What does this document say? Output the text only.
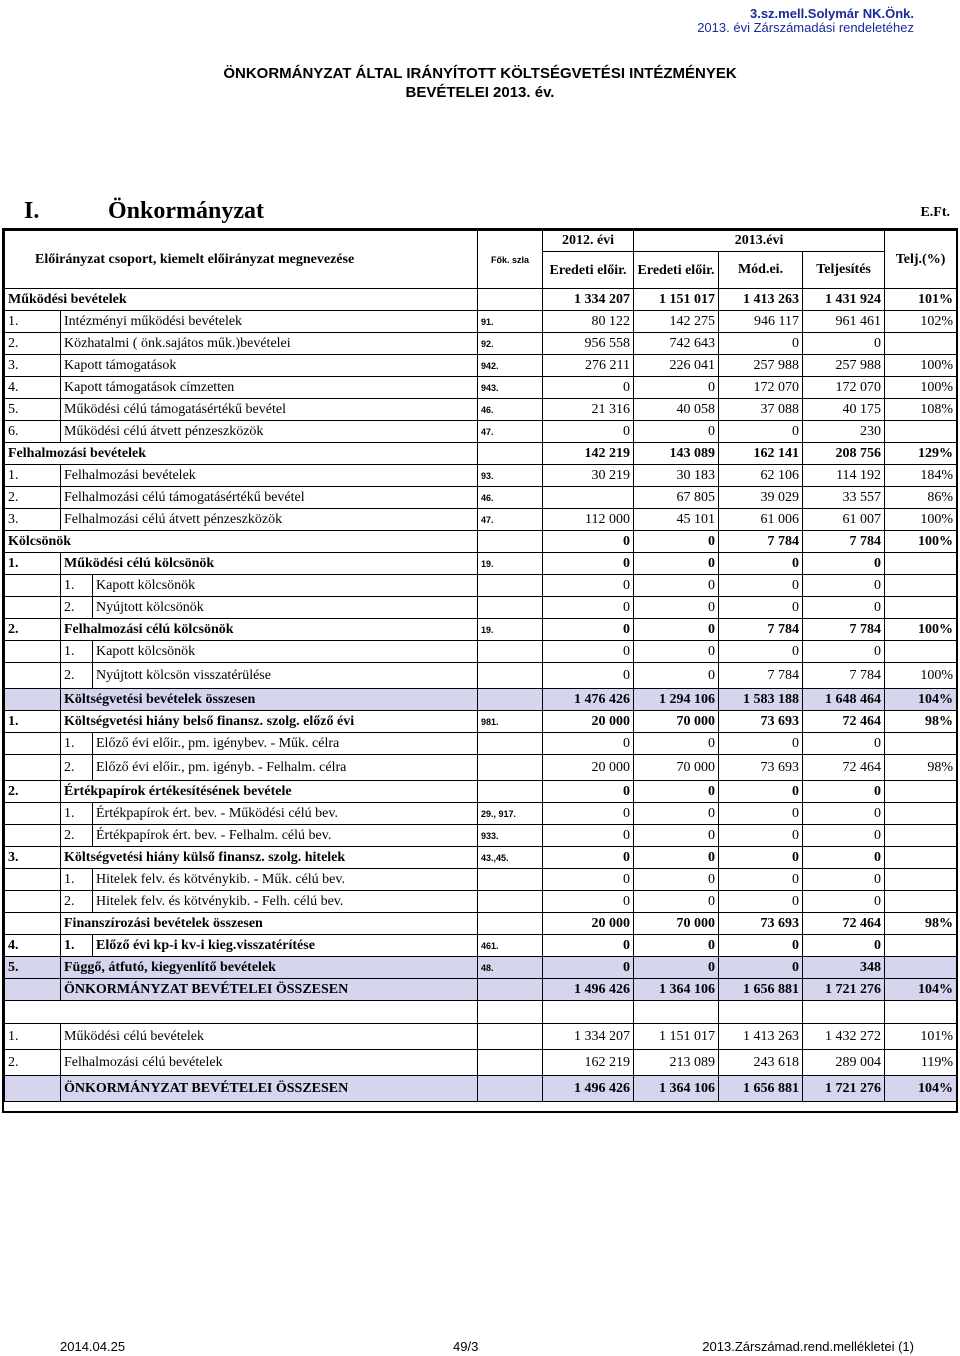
3.sz.mell.Solymár NK.Önk.
2013. évi Zárszámadási rendeletéhez
ÖNKORMÁNYZAT ÁLTAL IRÁNYÍTOTT KÖLTSÉGVETÉSI INTÉZMÉNYEK
BEVÉTELEI 2013. év.
I.	Önkormányzat	E.Ft.
Előirányzat csoport, kiemelt előirányzat megnevezése			Fők. szla	2012. évi	2013.évi			Telj.(%)
				Eredeti előir.	Eredeti előir.	Mód.ei.	Teljesítés	
Működési bevételek				1 334 207	1 151 017	1 413 263	1 431 924	101%
1.	Intézményi működési bevételek		91.	80 122	142 275	946 117	961 461	102%
2.	Közhatalmi ( önk.sajátos műk.)bevételei		92.	956 558	742 643	0	0	
3.	Kapott támogatások		942.	276 211	226 041	257 988	257 988	100%
4.	Kapott támogatások címzetten		943.	0	0	172 070	172 070	100%
5.	Működési célú támogatásértékű bevétel		46.	21 316	40 058	37 088	40 175	108%
6.	Működési célú átvett pénzeszközök		47.	0	0	0	230	
Felhalmozási bevételek				142 219	143 089	162 141	208 756	129%
1.	Felhalmozási bevételek		93.	30 219	30 183	62 106	114 192	184%
2.	Felhalmozási célú támogatásértékű bevétel		46.		67 805	39 029	33 557	86%
3.	Felhalmozási célú átvett pénzeszközök		47.	112 000	45 101	61 006	61 007	100%
Kölcsönök				0	0	7 784	7 784	100%
1.	Működési célú kölcsönök		19.	0	0	0	0	
	1.	Kapott kölcsönök		0	0	0	0	
	2.	Nyújtott kölcsönök		0	0	0	0	
2.	Felhalmozási célú kölcsönök		19.	0	0	7 784	7 784	100%
	1.	Kapott kölcsönök		0	0	0	0	
	2.	Nyújtott kölcsön visszatérülése		0	0	7 784	7 784	100%
	Költségvetési bevételek összesen			1 476 426	1 294 106	1 583 188	1 648 464	104%
1.	Költségvetési hiány belső finansz. szolg. előző évi		981.	20 000	70 000	73 693	72 464	98%
	1.	Előző évi előir., pm. igénybev. - Műk. célra		0	0	0	0	
	2.	Előző évi előir., pm. igényb. - Felhalm. célra		20 000	70 000	73 693	72 464	98%
2.	Értékpapírok értékesítésének bevétele			0	0	0	0	
	1.	Értékpapírok ért. bev. - Működési célú bev.	29., 917.	0	0	0	0	
	2.	Értékpapírok ért. bev. - Felhalm. célú bev.	933.	0	0	0	0	
3.	Költségvetési hiány külső finansz. szolg. hitelek		43.,45.	0	0	0	0	
	1.	Hitelek felv. és kötvénykib. - Műk. célú bev.		0	0	0	0	
	2.	Hitelek felv. és kötvénykib. - Felh. célú bev.		0	0	0	0	
	Finanszírozási bevételek összesen			20 000	70 000	73 693	72 464	98%
4.	1.	Előző évi kp-i kv-i kieg.visszatérítése	461.	0	0	0	0	
5.	Függő, átfutó, kiegyenlítő bevételek		48.	0	0	0	348	
	ÖNKORMÁNYZAT BEVÉTELEI ÖSSZESEN			1 496 426	1 364 106	1 656 881	1 721 276	104%

1.	Működési célú bevételek			1 334 207	1 151 017	1 413 263	1 432 272	101%
2.	Felhalmozási célú bevételek			162 219	213 089	243 618	289 004	119%
	ÖNKORMÁNYZAT BEVÉTELEI ÖSSZESEN			1 496 426	1 364 106	1 656 881	1 721 276	104%
2014.04.25	49/3	2013.Zárszámad.rend.mellékletei (1)
